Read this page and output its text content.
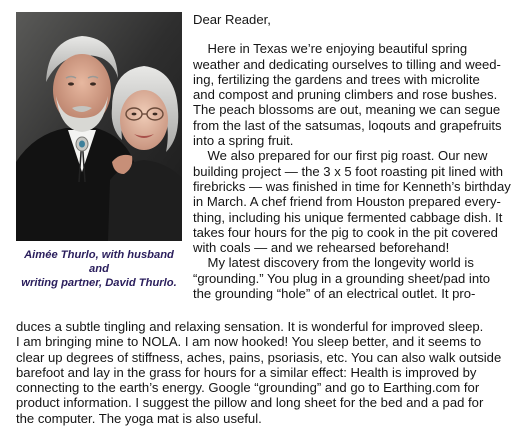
Aimée Thurlo, with husband and
writing partner, David Thurlo.
Dear Reader,
Here in Texas we’re enjoying beautiful spring
weather and dedicating ourselves to tilling and weed-
ing, fertilizing the gardens and trees with microlite
and compost and pruning climbers and rose bushes.
The peach blossoms are out, meaning we can segue
from the last of the satsumas, loqouts and grapefruits
into a spring fruit.
We also prepared for our first pig roast. Our new
building project — the 3 x 5 foot roasting pit lined with
firebricks — was finished in time for Kenneth’s birthday
in March. A chef friend from Houston prepared every-
thing, including his unique fermented cabbage dish. It
takes four hours for the pig to cook in the pit covered
with coals — and we rehearsed beforehand!
My latest discovery from the longevity world is
“grounding.” You plug in a grounding sheet/pad into
the grounding “hole” of an electrical outlet. It pro-
duces a subtle tingling and relaxing sensation. It is wonderful for improved sleep.
I am bringing mine to NOLA. I am now hooked! You sleep better, and it seems to
clear up degrees of stiffness, aches, pains, psoriasis, etc. You can also walk outside
barefoot and lay in the grass for hours for a similar effect: Health is improved by
connecting to the earth’s energy. Google “grounding” and go to Earthing.com for
product information. I suggest the pillow and long sheet for the bed and a pad for
the computer. The yoga mat is also useful.
